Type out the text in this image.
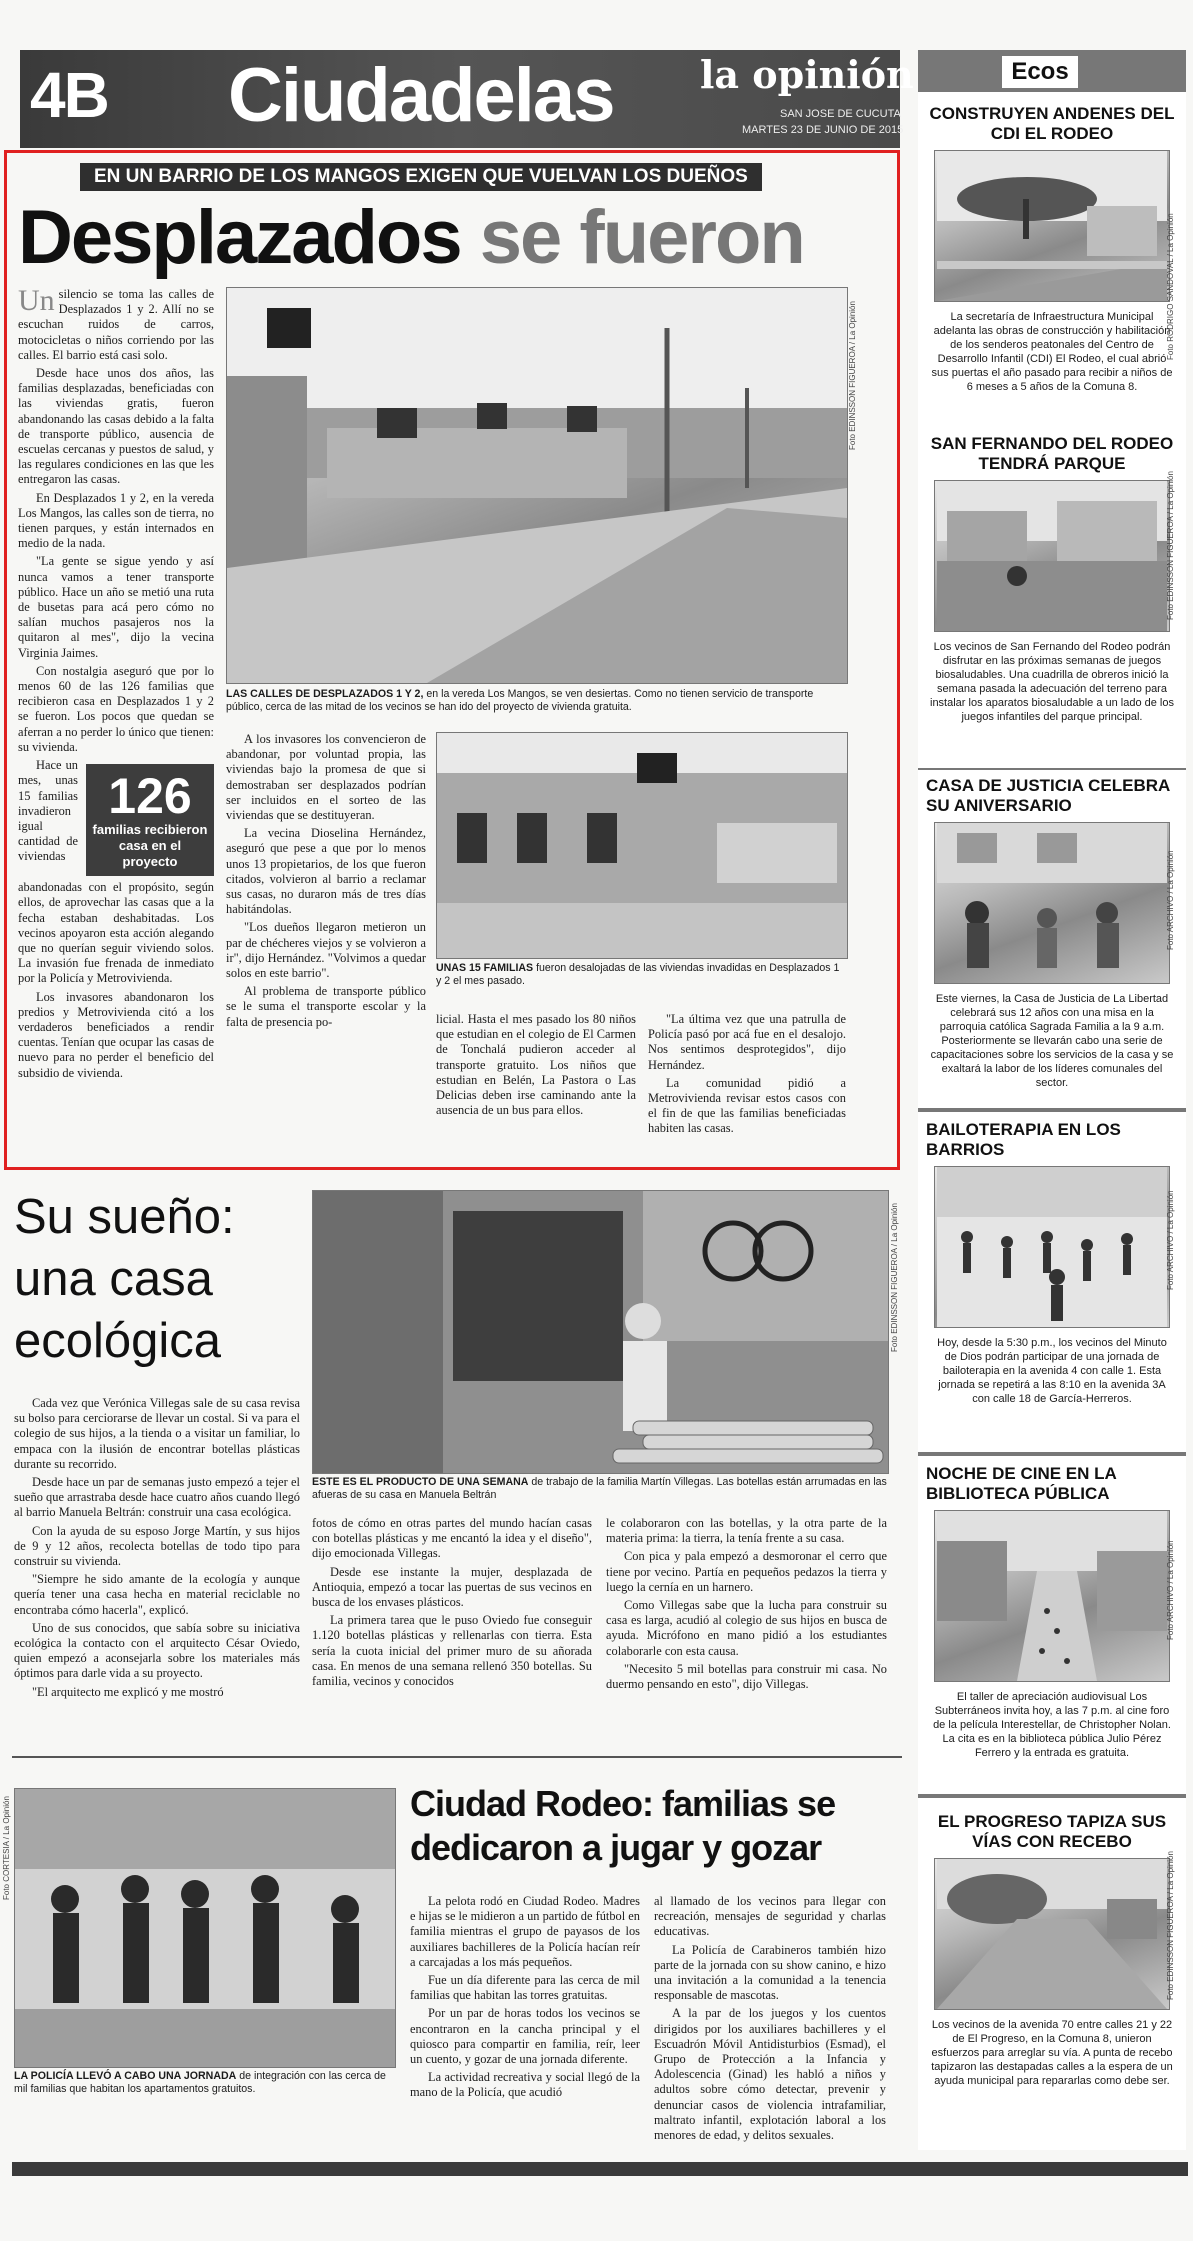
4B Ciudadelas la opinión
SAN JOSE DE CUCUTA
MARTES 23 DE JUNIO DE 2015
Ecos
CONSTRUYEN ANDENES DEL CDI EL RODEO
La secretaría de Infraestructura Municipal adelanta las obras de construcción y habilitación de los senderos peatonales del Centro de Desarrollo Infantil (CDI) El Rodeo, el cual abrió sus puertas el año pasado para recibir a niños de 6 meses a 5 años de la Comuna 8.
Foto RODRIGO SANDOVAL / La Opinión
SAN FERNANDO DEL RODEO TENDRÁ PARQUE
Los vecinos de San Fernando del Rodeo podrán disfrutar en las próximas semanas de juegos biosaludables. Una cuadrilla de obreros inició la semana pasada la adecuación del terreno para instalar los aparatos biosaludable a un lado de los juegos infantiles del parque principal.
Foto EDINSSON FIGUEROA / La Opinión
CASA DE JUSTICIA CELEBRA SU ANIVERSARIO
Este viernes, la Casa de Justicia de La Libertad celebrará sus 12 años con una misa en la parroquia católica Sagrada Familia a la 9 a.m. Posteriormente se llevarán cabo una serie de capacitaciones sobre los servicios de la casa y se exaltará la labor de los líderes comunales del sector.
Foto ARCHIVO / La Opinión
BAILOTERAPIA EN LOS BARRIOS
Hoy, desde la 5:30 p.m., los vecinos del Minuto de Dios podrán participar de una jornada de bailoterapia en la avenida 4 con calle 1. Esta jornada se repetirá a las 8:10 en la avenida 3A con calle 18 de García-Herreros.
Foto ARCHIVO / La Opinión
NOCHE DE CINE EN LA BIBLIOTECA PÚBLICA
El taller de apreciación audiovisual Los Subterráneos invita hoy, a las 7 p.m. al cine foro de la película Interestellar, de Christopher Nolan. La cita es en la biblioteca pública Julio Pérez Ferrero y la entrada es gratuita.
Foto ARCHIVO / La Opinión
EL PROGRESO TAPIZA SUS VÍAS CON RECEBO
Los vecinos de la avenida 70 entre calles 21 y 22 de El Progreso, en la Comuna 8, unieron esfuerzos para arreglar su vía. A punta de recebo tapizaron las destapadas calles a la espera de un ayuda municipal para repararlas como debe ser.
Foto EDINSSON FIGUEROA / La Opinión
EN UN BARRIO DE LOS MANGOS EXIGEN QUE VUELVAN LOS DUEÑOS
Desplazados se fueron
Un silencio se toma las calles de Desplazados 1 y 2. Allí no se escuchan ruidos de carros, motocicletas o niños corriendo por las calles. El barrio está casi solo.

Desde hace unos dos años, las familias desplazadas, beneficiadas con las viviendas gratis, fueron abandonando las casas debido a la falta de transporte público, ausencia de escuelas cercanas y puestos de salud, y las regulares condiciones en las que les entregaron las casas.

En Desplazados 1 y 2, en la vereda Los Mangos, las calles son de tierra, no tienen parques, y están internados en medio de la nada.

"La gente se sigue yendo y así nunca vamos a tener transporte público. Hace un año se metió una ruta de busetas para acá pero cómo no salían muchos pasajeros nos la quitaron al mes", dijo la vecina Virginia Jaimes.

Con nostalgia aseguró que por lo menos 60 de las 126 familias que recibieron casa en Desplazados 1 y 2 se fueron. Los pocos que quedan se aferran a no perder lo único que tienen: su vivienda.

126
familias recibieron casa en el proyecto

Hace un mes, unas 15 familias invadieron igual cantidad de viviendas abandonadas con el propósito, según ellos, de aprovechar las casas que a la fecha estaban deshabitadas. Los vecinos apoyaron esta acción alegando que no querían seguir viviendo solos. La invasión fue frenada de inmediato por la Policía y Metrovivienda.

Los invasores abandonaron los predios y Metrovivienda citó a los verdaderos beneficiados a rendir cuentas. Tenían que ocupar las casas de nuevo para no perder el beneficio del subsidio de vivienda.

Foto EDINSSON FIGUEROA / La Opinión
LAS CALLES DE DESPLAZADOS 1 Y 2, en la vereda Los Mangos, se ven desiertas. Como no tienen servicio de transporte público, cerca de las mitad de los vecinos se han ido del proyecto de vivienda gratuita.

A los invasores los convencieron de abandonar, por voluntad propia, las viviendas bajo la promesa de que si demostraban ser desplazados podrían ser incluidos en el sorteo de las viviendas que se destituyeran.

La vecina Dioselina Hernández, aseguró que pese a que por lo menos unos 13 propietarios, de los que fueron citados, volvieron al barrio a reclamar sus casas, no duraron más de tres días habitándolas.

"Los dueños llegaron metieron un par de chécheres viejos y se volvieron a ir", dijo Hernández. "Volvimos a quedar solos en este barrio".

Al problema de transporte público se le suma el transporte escolar y la falta de presencia po-

UNAS 15 FAMILIAS fueron desalojadas de las viviendas invadidas en Desplazados 1 y 2 el mes pasado.

licial. Hasta el mes pasado los 80 niños que estudian en el colegio de El Carmen de Tonchalá pudieron acceder al transporte gratuito. Los niños que estudian en Belén, La Pastora o Las Delicias deben irse caminando ante la ausencia de un bus para ellos.

"La última vez que una patrulla de Policía pasó por acá fue en el desalojo. Nos sentimos desprotegidos", dijo Hernández.

La comunidad pidió a Metrovivienda revisar estos casos con el fin de que las familias beneficiadas habiten las casas.

Su sueño: una casa ecológica	Foto EDINSSON FIGUEROA / La Opinión
ESTE ES EL PRODUCTO DE UNA SEMANA de trabajo de la familia Martín Villegas. Las botellas están arrumadas en las afueras de su casa en Manuela Beltrán

Cada vez que Verónica Villegas sale de su casa revisa su bolso para cerciorarse de llevar un costal. Si va para el colegio de sus hijos, a la tienda o a visitar un familiar, lo empaca con la ilusión de encontrar botellas plásticas durante su recorrido.

Desde hace un par de semanas justo empezó a tejer el sueño que arrastraba desde hace cuatro años cuando llegó al barrio Manuela Beltrán: construir una casa ecológica.

Con la ayuda de su esposo Jorge Martín, y sus hijos de 9 y 12 años, recolecta botellas de todo tipo para construir su vivienda.

"Siempre he sido amante de la ecología y aunque quería tener una casa hecha en material reciclable no encontraba cómo hacerla", explicó.

Uno de sus conocidos, que sabía sobre su iniciativa ecológica la contacto con el arquitecto César Oviedo, quien empezó a aconsejarla sobre los materiales más óptimos para darle vida a su proyecto.

"El arquitecto me explicó y me mostró

fotos de cómo en otras partes del mundo hacían casas con botellas plásticas y me encantó la idea y el diseño", dijo emocionada Villegas.

Desde ese instante la mujer, desplazada de Antioquia, empezó a tocar las puertas de sus vecinos en busca de los envases plásticos.

La primera tarea que le puso Oviedo fue conseguir 1.120 botellas plásticas y rellenarlas con tierra. Esta sería la cuota inicial del primer muro de su añorada casa. En menos de una semana rellenó 350 botellas. Su familia, vecinos y conocidos

le colaboraron con las botellas, y la otra parte de la materia prima: la tierra, la tenía frente a su casa.

Con pica y pala empezó a desmoronar el cerro que tiene por vecino. Partía en pequeños pedazos la tierra y luego la cernía en un harnero.

Como Villegas sabe que la lucha para construir su casa es larga, acudió al colegio de sus hijos en busca de ayuda. Micrófono en mano pidió a los estudiantes colaborarle con esta causa.

"Necesito 5 mil botellas para construir mi casa. No duermo pensando en esto", dijo Villegas.

Foto CORTESIA / La Opinión
LA POLICÍA LLEVÓ A CABO UNA JORNADA de integración con las cerca de mil familias que habitan los apartamentos gratuitos.
Ciudad Rodeo: familias se dedicaron a jugar y gozar

La pelota rodó en Ciudad Rodeo. Madres e hijas se le midieron a un partido de fútbol en familia mientras el grupo de payasos de los auxiliares bachilleres de la Policía hacían reír a carcajadas a los más pequeños.

Fue un día diferente para las cerca de mil familias que habitan las torres gratuitas.

Por un par de horas todos los vecinos se encontraron en la cancha principal y el quiosco para compartir en familia, reír, leer un cuento, y gozar de una jornada diferente.

La actividad recreativa y social llegó de la mano de la Policía, que acudió

al llamado de los vecinos para llegar con recreación, mensajes de seguridad y charlas educativas.

La Policía de Carabineros también hizo parte de la jornada con su show canino, e hizo una invitación a la comunidad a la tenencia responsable de mascotas.

A la par de los juegos y los cuentos dirigidos por los auxiliares bachilleres y el Escuadrón Móvil Antidisturbios (Esmad), el Grupo de Protección a la Infancia y Adolescencia (Ginad) les habló a niños y adultos sobre cómo detectar, prevenir y denunciar casos de violencia intrafamiliar, maltrato infantil, explotación laboral a los menores de edad, y delitos sexuales.
